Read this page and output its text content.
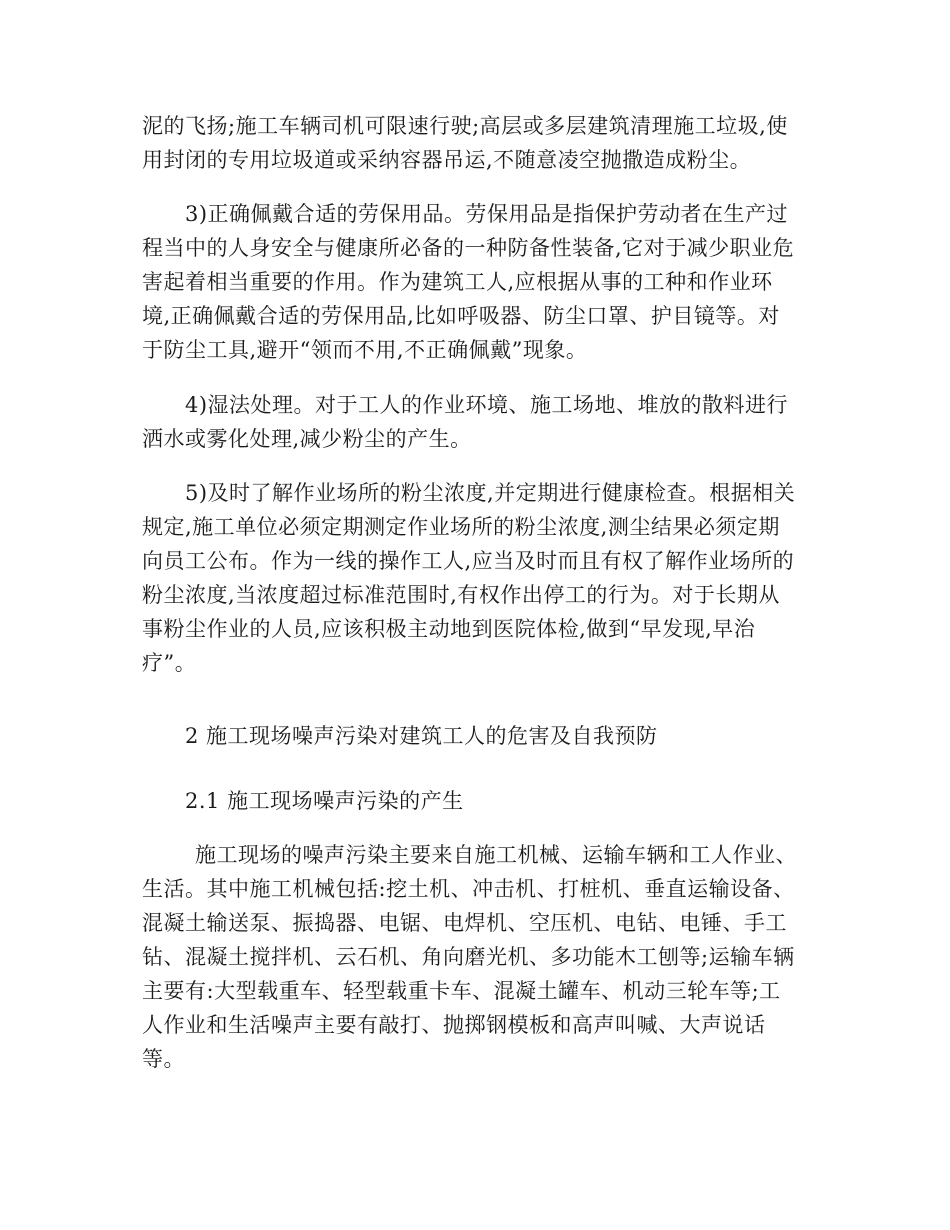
泥的飞扬;施工车辆司机可限速行驶;高层或多层建筑清理施工垃圾,使
用封闭的专用垃圾道或采纳容器吊运,不随意凌空抛撒造成粉尘。
3)正确佩戴合适的劳保用品。劳保用品是指保护劳动者在生产过
程当中的人身安全与健康所必备的一种防备性装备,它对于减少职业危
害起着相当重要的作用。作为建筑工人,应根据从事的工种和作业环
境,正确佩戴合适的劳保用品,比如呼吸器、防尘口罩、护目镜等。对
于防尘工具,避开“领而不用,不正确佩戴”现象。
4)湿法处理。对于工人的作业环境、施工场地、堆放的散料进行
洒水或雾化处理,减少粉尘的产生。
5)及时了解作业场所的粉尘浓度,并定期进行健康检查。根据相关
规定,施工单位必须定期测定作业场所的粉尘浓度,测尘结果必须定期
向员工公布。作为一线的操作工人,应当及时而且有权了解作业场所的
粉尘浓度,当浓度超过标准范围时,有权作出停工的行为。对于长期从
事粉尘作业的人员,应该积极主动地到医院体检,做到“早发现,早治
疗”。
2 施工现场噪声污染对建筑工人的危害及自我预防
2.1 施工现场噪声污染的产生
施工现场的噪声污染主要来自施工机械、运输车辆和工人作业、
生活。其中施工机械包括:挖土机、冲击机、打桩机、垂直运输设备、
混凝土输送泵、振捣器、电锯、电焊机、空压机、电钻、电锤、手工
钻、混凝土搅拌机、云石机、角向磨光机、多功能木工刨等;运输车辆
主要有:大型载重车、轻型载重卡车、混凝土罐车、机动三轮车等;工
人作业和生活噪声主要有敲打、抛掷钢模板和高声叫喊、大声说话
等。
